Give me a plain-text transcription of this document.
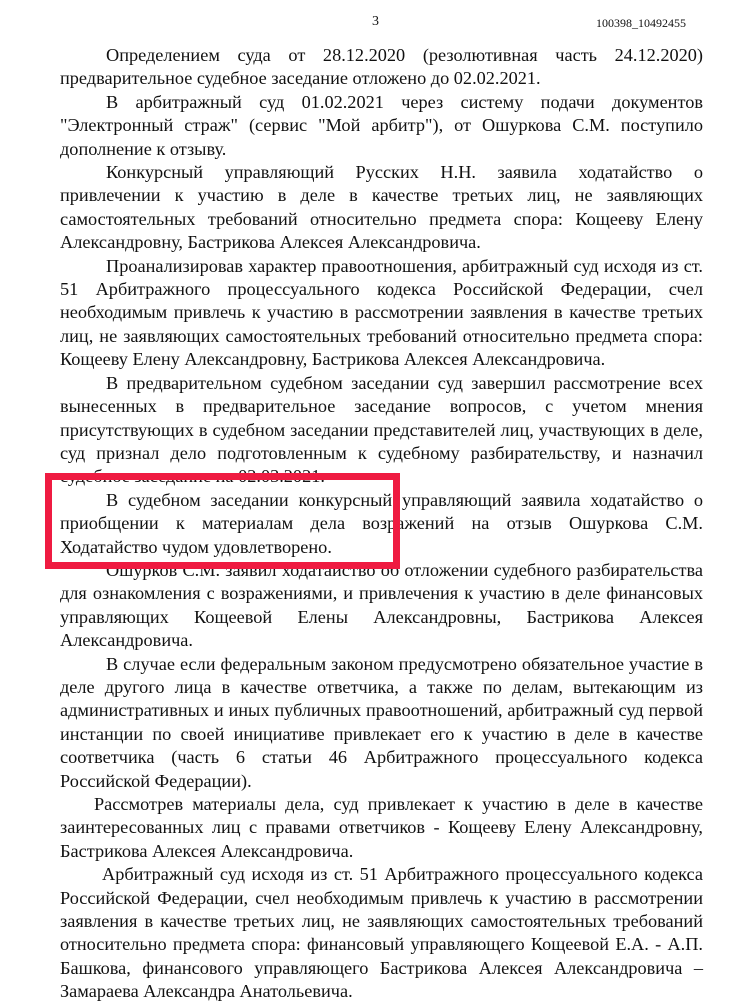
3	100398_10492455

Определением суда от 28.12.2020 (резолютивная часть 24.12.2020) предварительное судебное заседание отложено до 02.02.2021.

В арбитражный суд 01.02.2021 через систему подачи документов "Электронный страж" (сервис "Мой арбитр"), от Ошуркова С.М. поступило дополнение к отзыву.

Конкурсный управляющий Русских Н.Н. заявила ходатайство о привлечении к участию в деле в качестве третьих лиц, не заявляющих самостоятельных требований относительно предмета спора: Кощееву Елену Александровну, Бастрикова Алексея Александровича.

Проанализировав характер правоотношения, арбитражный суд исходя из ст. 51 Арбитражного процессуального кодекса Российской Федерации, счел необходимым привлечь к участию в рассмотрении заявления в качестве третьих лиц, не заявляющих самостоятельных требований относительно предмета спора: Кощееву Елену Александровну, Бастрикова Алексея Александровича.

В предварительном судебном заседании суд завершил рассмотрение всех вынесенных в предварительное заседание вопросов, с учетом мнения присутствующих в судебном заседании представителей лиц, участвующих в деле, суд признал дело подготовленным к судебному разбирательству, и назначил судебное заседание на 02.03.2021.

В судебном заседании конкурсный управляющий заявила ходатайство о приобщении к материалам дела возражений на отзыв Ошуркова С.М. Ходатайство чудом удовлетворено.

Ошурков С.М. заявил ходатайство об отложении судебного разбирательства для ознакомления с возражениями, и привлечения к участию в деле финансовых управляющих Кощеевой Елены Александровны, Бастрикова Алексея Александровича.

В случае если федеральным законом предусмотрено обязательное участие в деле другого лица в качестве ответчика, а также по делам, вытекающим из административных и иных публичных правоотношений, арбитражный суд первой инстанции по своей инициативе привлекает его к участию в деле в качестве соответчика (часть 6 статьи 46 Арбитражного процессуального кодекса Российской Федерации).

Рассмотрев материалы дела, суд привлекает к участию в деле в качестве заинтересованных лиц с правами ответчиков - Кощееву Елену Александровну, Бастрикова Алексея Александровича.

Арбитражный суд исходя из ст. 51 Арбитражного процессуального кодекса Российской Федерации, счел необходимым привлечь к участию в рассмотрении заявления в качестве третьих лиц, не заявляющих самостоятельных требований относительно предмета спора: финансовый управляющего Кощеевой Е.А. - А.П. Башкова, финансового управляющего Бастрикова Алексея Александровича – Замараева Александра Анатольевича.
